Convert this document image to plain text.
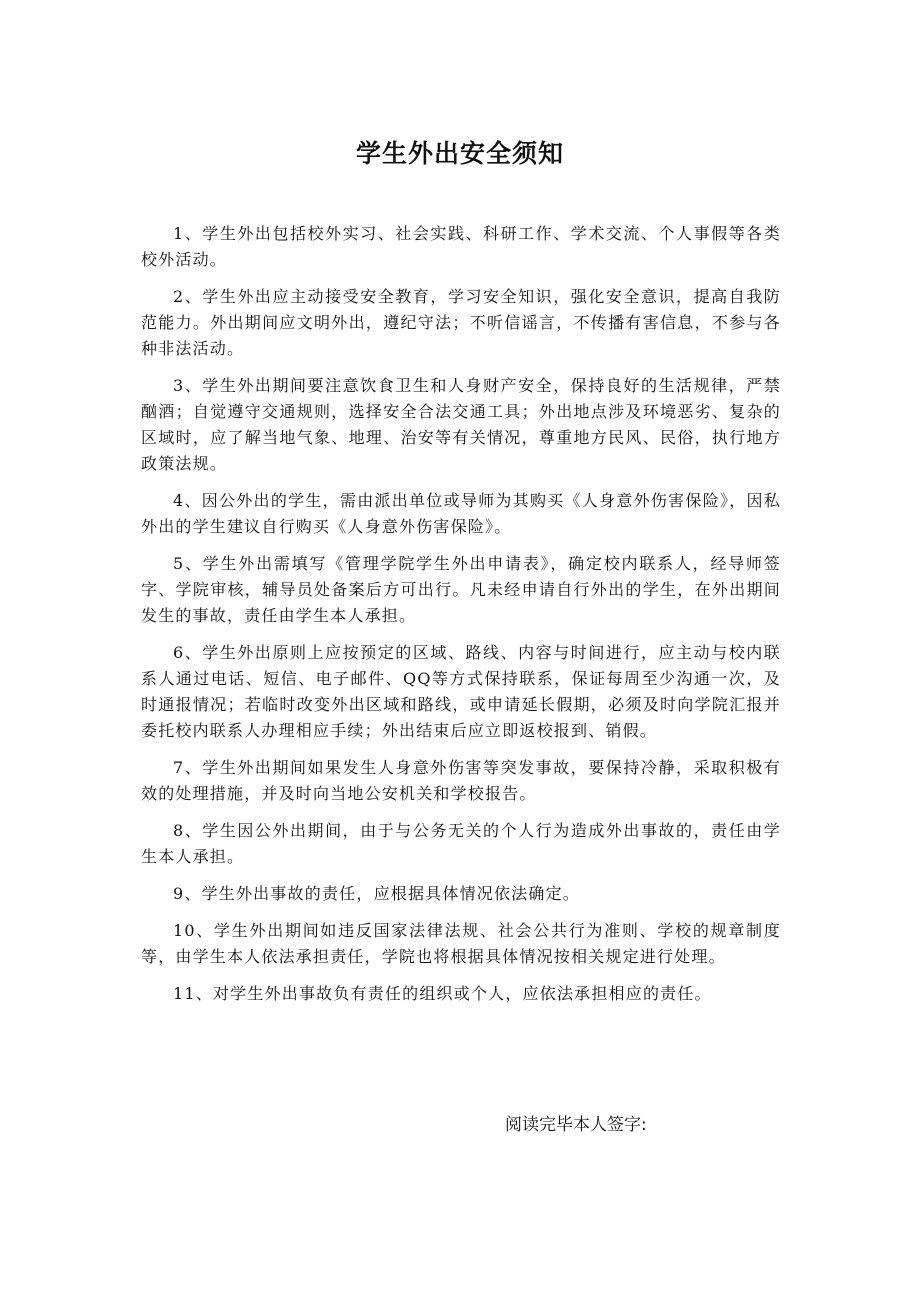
学生外出安全须知

1、学生外出包括校外实习、社会实践、科研工作、学术交流、个人事假等各类校外活动。

2、学生外出应主动接受安全教育，学习安全知识，强化安全意识，提高自我防范能力。外出期间应文明外出，遵纪守法；不听信谣言，不传播有害信息，不参与各种非法活动。

3、学生外出期间要注意饮食卫生和人身财产安全，保持良好的生活规律，严禁酗酒；自觉遵守交通规则，选择安全合法交通工具；外出地点涉及环境恶劣、复杂的区域时，应了解当地气象、地理、治安等有关情况，尊重地方民风、民俗，执行地方政策法规。

4、因公外出的学生，需由派出单位或导师为其购买《人身意外伤害保险》，因私外出的学生建议自行购买《人身意外伤害保险》。

5、学生外出需填写《管理学院学生外出申请表》，确定校内联系人，经导师签字、学院审核，辅导员处备案后方可出行。凡未经申请自行外出的学生，在外出期间发生的事故，责任由学生本人承担。

6、学生外出原则上应按预定的区域、路线、内容与时间进行，应主动与校内联系人通过电话、短信、电子邮件、QQ等方式保持联系，保证每周至少沟通一次，及时通报情况；若临时改变外出区域和路线，或申请延长假期，必须及时向学院汇报并委托校内联系人办理相应手续；外出结束后应立即返校报到、销假。

7、学生外出期间如果发生人身意外伤害等突发事故，要保持冷静，采取积极有效的处理措施，并及时向当地公安机关和学校报告。

8、学生因公外出期间，由于与公务无关的个人行为造成外出事故的，责任由学生本人承担。

9、学生外出事故的责任，应根据具体情况依法确定。

10、学生外出期间如违反国家法律法规、社会公共行为准则、学校的规章制度等，由学生本人依法承担责任，学院也将根据具体情况按相关规定进行处理。

11、对学生外出事故负有责任的组织或个人，应依法承担相应的责任。

阅读完毕本人签字:
